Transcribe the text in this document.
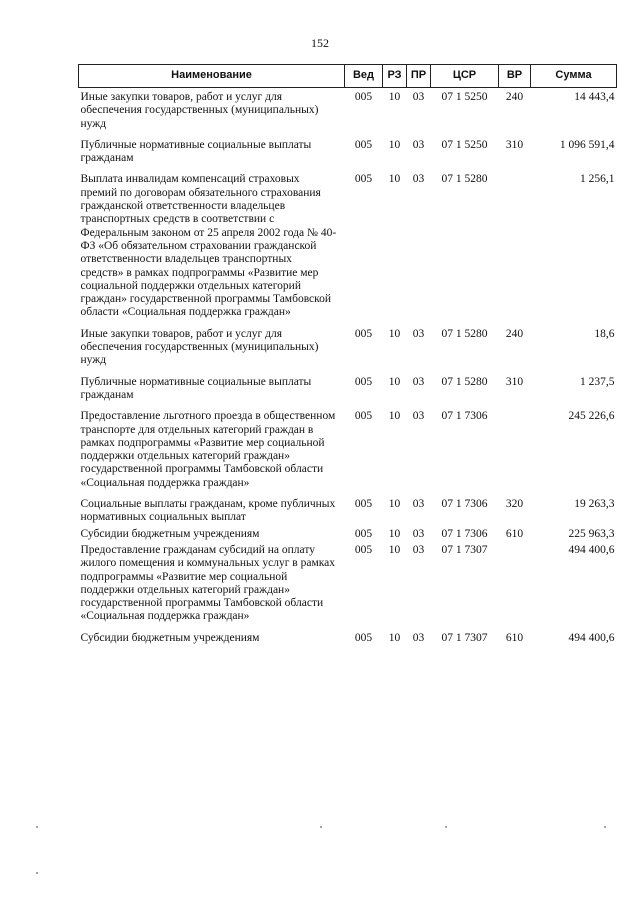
152
Наименование	Вед	РЗ	ПР	ЦСР	ВР	Сумма
Иные закупки товаров, работ и услуг для обеспечения государственных (муниципальных) нужд	005	10	03	07 1 5250	240	14 443,4
Публичные нормативные социальные выплаты гражданам	005	10	03	07 1 5250	310	1 096 591,4
Выплата инвалидам компенсаций страховых премий по договорам обязательного страхования гражданской ответственности владельцев транспортных средств в соответствии с Федеральным законом от 25 апреля 2002 года № 40-ФЗ «Об обязательном страховании гражданской ответственности владельцев транспортных средств» в рамках подпрограммы «Развитие мер социальной поддержки отдельных категорий граждан» государственной программы Тамбовской области «Социальная поддержка граждан»	005	10	03	07 1 5280		1 256,1
Иные закупки товаров, работ и услуг для обеспечения государственных (муниципальных) нужд	005	10	03	07 1 5280	240	18,6
Публичные нормативные социальные выплаты гражданам	005	10	03	07 1 5280	310	1 237,5
Предоставление льготного проезда в общественном транспорте для отдельных категорий граждан в рамках подпрограммы «Развитие мер социальной поддержки отдельных категорий граждан» государственной программы Тамбовской области «Социальная поддержка граждан»	005	10	03	07 1 7306		245 226,6
Социальные выплаты гражданам, кроме публичных нормативных социальных выплат	005	10	03	07 1 7306	320	19 263,3
Субсидии бюджетным учреждениям	005	10	03	07 1 7306	610	225 963,3
Предоставление гражданам субсидий на оплату жилого помещения и коммунальных услуг в рамках подпрограммы «Развитие мер социальной поддержки отдельных категорий граждан» государственной программы Тамбовской области «Социальная поддержка граждан»	005	10	03	07 1 7307		494 400,6
Субсидии бюджетным учреждениям	005	10	03	07 1 7307	610	494 400,6
